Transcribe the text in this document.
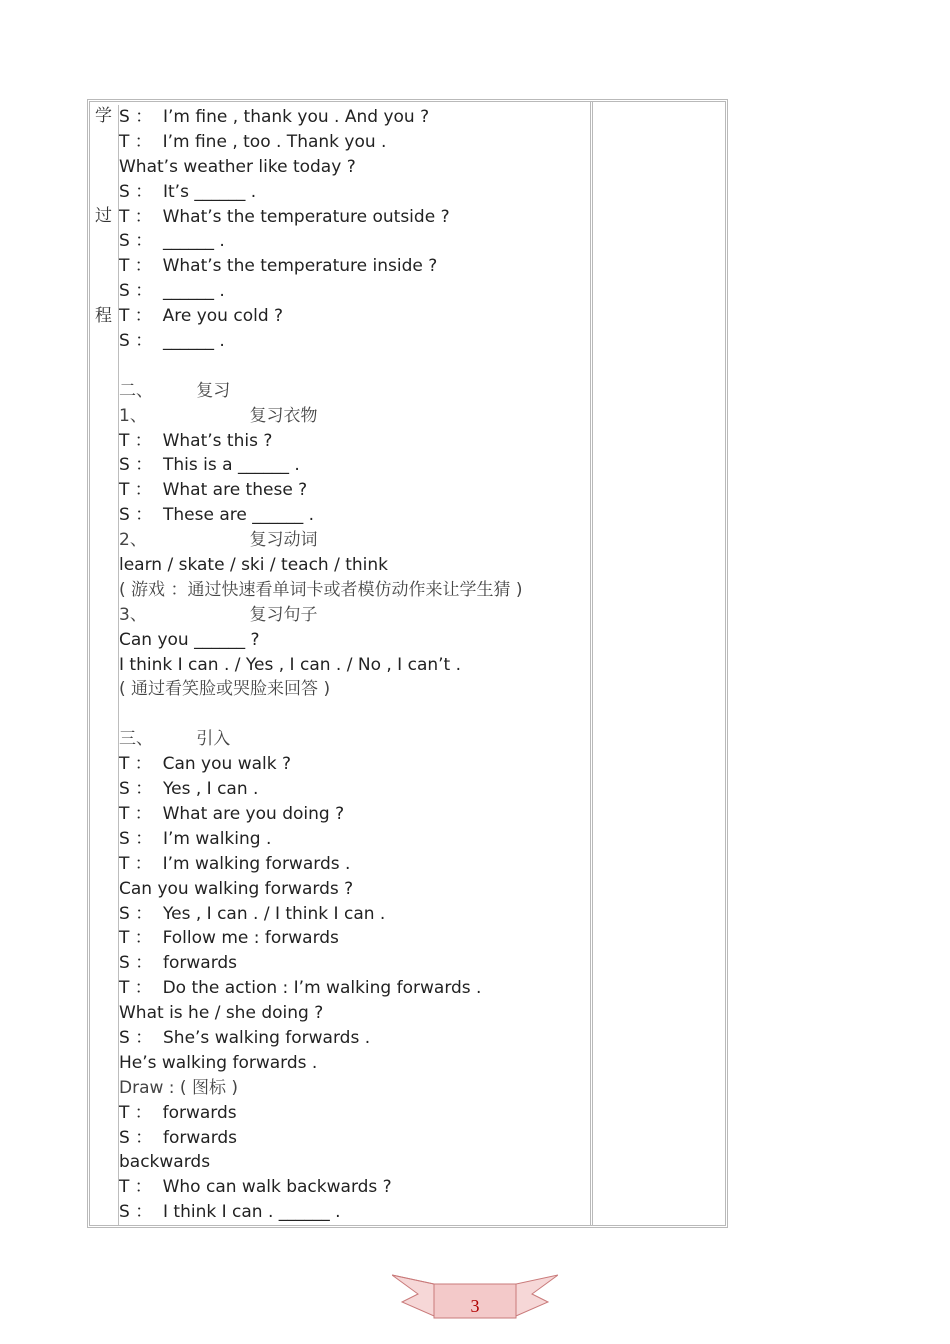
学
过
程
S ：  I’m fine , thank you . And you ?
T ：  I’m fine , too . Thank you .
What’s weather like today ?
S ：  It’s ______ .
T ：  What’s the temperature outside ?
S ：  ______ .
T ：  What’s the temperature inside ?
S ：  ______ .
T ：  Are you cold ?
S ：  ______ .
二、        复习
1、                   复习衣物
T ：  What’s this ?
S ：  This is a ______ .
T ：  What are these ?
S ：  These are ______ .
2、                   复习动词
learn / skate / ski / teach / think
( 游戏 ：通过快速看单词卡或者模仿动作来让学生猜 )
3、                   复习句子
Can you ______ ?
I think I can . / Yes , I can . / No , I can’t .
( 通过看笑脸或哭脸来回答 )
三、        引入
T ：  Can you walk ?
S ：  Yes , I can .
T ：  What are you doing ?
S ：  I’m walking .
T ：  I’m walking forwards .
Can you walking forwards ?
S ：  Yes , I can . / I think I can .
T ：  Follow me : forwards
S ：  forwards
T ：  Do the action : I’m walking forwards .
What is he / she doing ?
S ：  She’s walking forwards .
He’s walking forwards .
Draw : ( 图标 )
T ：  forwards
S ：  forwards
backwards
T ：  Who can walk backwards ?
S ：  I think I can . ______ .
3
